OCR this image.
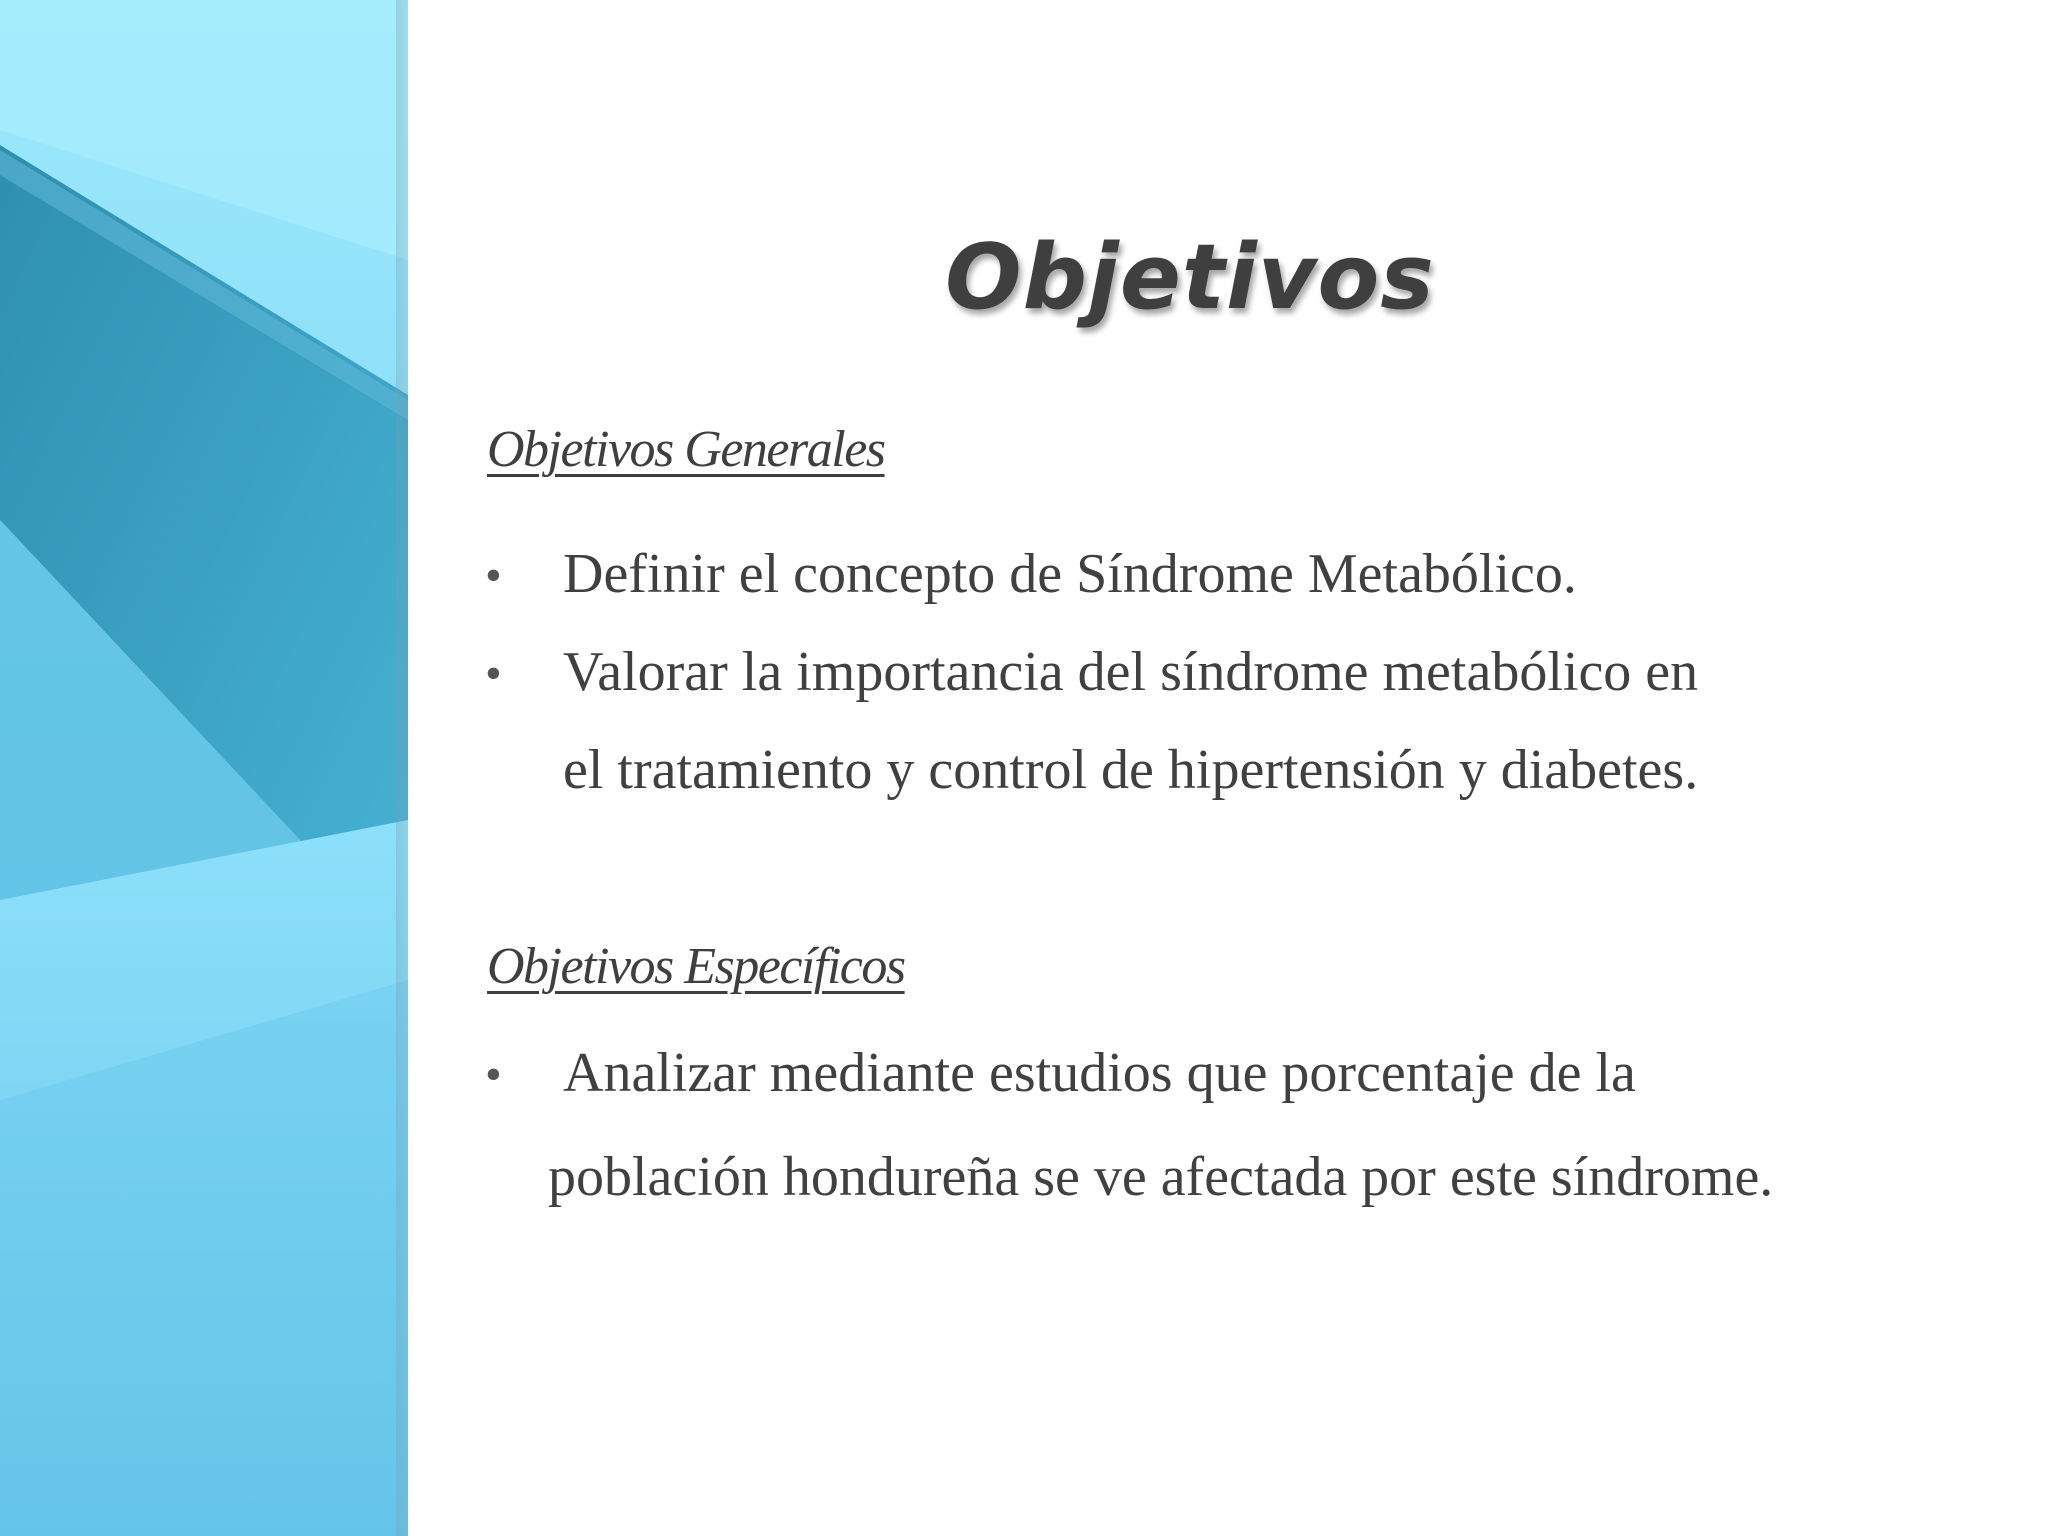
Objetivos
Objetivos Generales
• Definir el concepto de Síndrome Metabólico.
• Valorar la importancia del síndrome metabólico en
el tratamiento y control de hipertensión y diabetes.
Objetivos Específicos
• Analizar mediante estudios que porcentaje de la
población hondureña se ve afectada por este síndrome.
